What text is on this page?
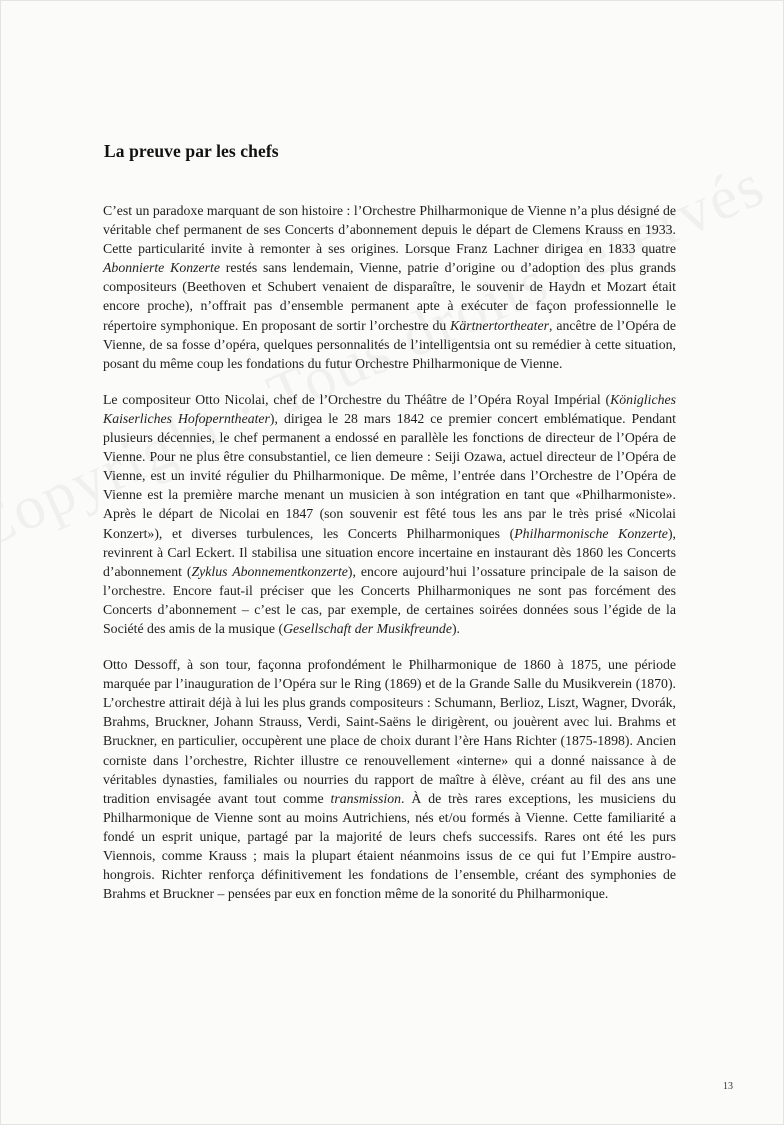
La preuve par les chefs

C’est un paradoxe marquant de son histoire : l’Orchestre Philharmonique de Vienne n’a plus désigné de véritable chef permanent de ses Concerts d’abonnement depuis le départ de Clemens Krauss en 1933. Cette particularité invite à remonter à ses origines. Lorsque Franz Lachner dirigea en 1833 quatre Abonnierte Konzerte restés sans lendemain, Vienne, patrie d’origine ou d’adoption des plus grands compositeurs (Beethoven et Schubert venaient de disparaître, le souvenir de Haydn et Mozart était encore proche), n’offrait pas d’ensemble permanent apte à exécuter de façon professionnelle le répertoire symphonique. En proposant de sortir l’orchestre du Kärtnertortheater, ancêtre de l’Opéra de Vienne, de sa fosse d’opéra, quelques personnalités de l’intelligentsia ont su remédier à cette situation, posant du même coup les fondations du futur Orchestre Philharmonique de Vienne.

Le compositeur Otto Nicolai, chef de l’Orchestre du Théâtre de l’Opéra Royal Impérial (Königliches Kaiserliches Hofoperntheater), dirigea le 28 mars 1842 ce premier concert emblématique. Pendant plusieurs décennies, le chef permanent a endossé en parallèle les fonctions de directeur de l’Opéra de Vienne. Pour ne plus être consubstantiel, ce lien demeure : Seiji Ozawa, actuel directeur de l’Opéra de Vienne, est un invité régulier du Philharmonique. De même, l’entrée dans l’Orchestre de l’Opéra de Vienne est la première marche menant un musicien à son intégration en tant que «Philharmoniste». Après le départ de Nicolai en 1847 (son souvenir est fêté tous les ans par le très prisé «Nicolai Konzert»), et diverses turbulences, les Concerts Philharmoniques (Philharmonische Konzerte), revinrent à Carl Eckert. Il stabilisa une situation encore incertaine en instaurant dès 1860 les Concerts d’abonnement (Zyklus Abonnementkonzerte), encore aujourd’hui l’ossature principale de la saison de l’orchestre. Encore faut-il préciser que les Concerts Philharmoniques ne sont pas forcément des Concerts d’abonnement – c’est le cas, par exemple, de certaines soirées données sous l’égide de la Société des amis de la musique (Gesellschaft der Musikfreunde).

Otto Dessoff, à son tour, façonna profondément le Philharmonique de 1860 à 1875, une période marquée par l’inauguration de l’Opéra sur le Ring (1869) et de la Grande Salle du Musikverein (1870). L’orchestre attirait déjà à lui les plus grands compositeurs : Schumann, Berlioz, Liszt, Wagner, Dvorák, Brahms, Bruckner, Johann Strauss, Verdi, Saint-Saëns le dirigèrent, ou jouèrent avec lui. Brahms et Bruckner, en particulier, occupèrent une place de choix durant l’ère Hans Richter (1875-1898). Ancien corniste dans l’orchestre, Richter illustre ce renouvellement «interne» qui a donné naissance à de véritables dynasties, familiales ou nourries du rapport de maître à élève, créant au fil des ans une tradition envisagée avant tout comme transmission. À de très rares exceptions, les musiciens du Philharmonique de Vienne sont au moins Autrichiens, nés et/ou formés à Vienne. Cette familiarité a fondé un esprit unique, partagé par la majorité de leurs chefs successifs. Rares ont été les purs Viennois, comme Krauss ; mais la plupart étaient néanmoins issus de ce qui fut l’Empire austro-hongrois. Richter renforça définitivement les fondations de l’ensemble, créant des symphonies de Brahms et Bruckner – pensées par eux en fonction même de la sonorité du Philharmonique.

13
